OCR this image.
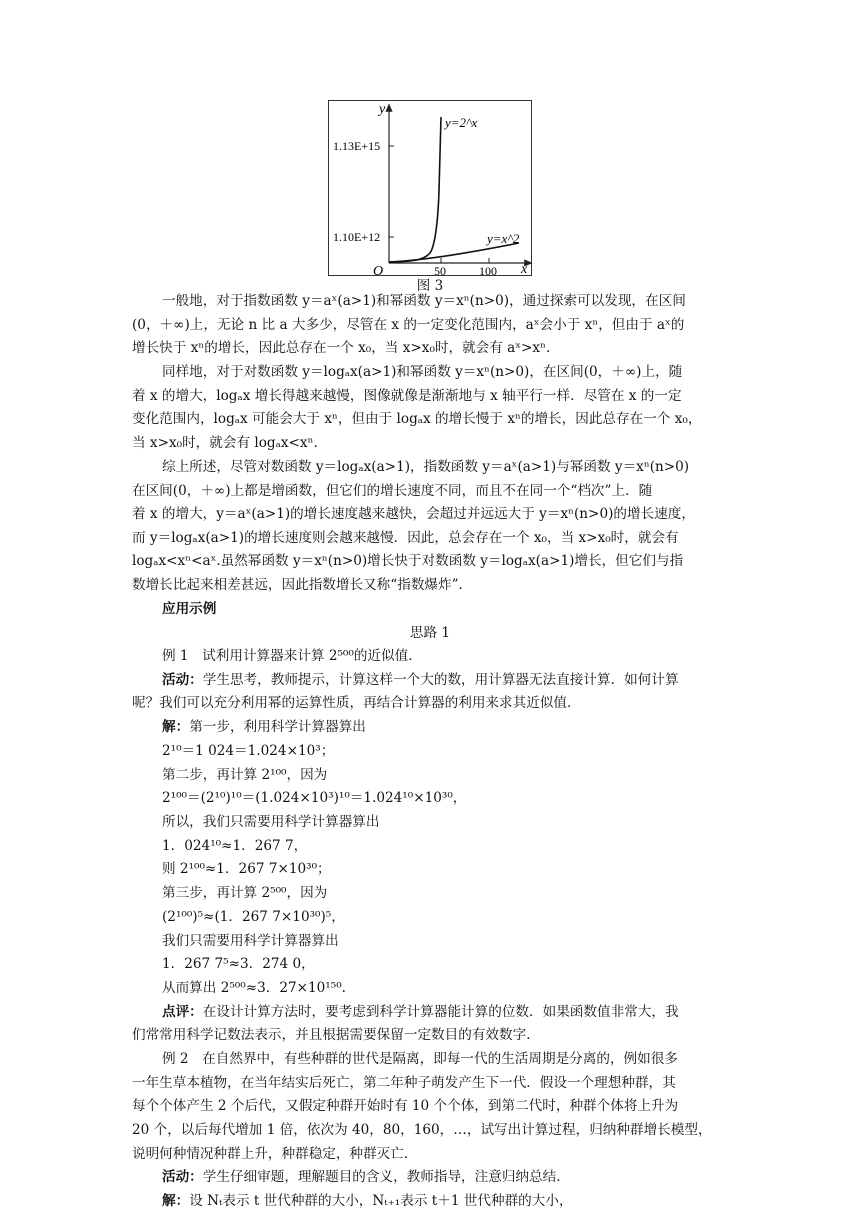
y
x
O
1.13E+15
1.10E+12
50	100
y=2^x
y=x^2
图 3
一般地，对于指数函数 y＝aˣ(a>1)和幂函数 y＝xⁿ(n>0)，通过探索可以发现，在区间
(0，＋∞)上，无论 n 比 a 大多少，尽管在 x 的一定变化范围内，aˣ会小于 xⁿ，但由于 aˣ的
增长快于 xⁿ的增长，因此总存在一个 x₀，当 x>x₀时，就会有 aˣ>xⁿ.
同样地，对于对数函数 y＝logₐx(a>1)和幂函数 y＝xⁿ(n>0)，在区间(0，＋∞)上，随
着 x 的增大，logₐx 增长得越来越慢，图像就像是渐渐地与 x 轴平行一样．尽管在 x 的一定
变化范围内，logₐx 可能会大于 xⁿ，但由于 logₐx 的增长慢于 xⁿ的增长，因此总存在一个 x₀，
当 x>x₀时，就会有 logₐx<xⁿ.
综上所述，尽管对数函数 y＝logₐx(a>1)，指数函数 y＝aˣ(a>1)与幂函数 y＝xⁿ(n>0)
在区间(0，＋∞)上都是增函数，但它们的增长速度不同，而且不在同一个“档次”上．随
着 x 的增大，y＝aˣ(a>1)的增长速度越来越快，会超过并远远大于 y＝xⁿ(n>0)的增长速度，
而 y＝logₐx(a>1)的增长速度则会越来越慢．因此，总会存在一个 x₀，当 x>x₀时，就会有
logₐx<xⁿ<aˣ.虽然幂函数 y＝xⁿ(n>0)增长快于对数函数 y＝logₐx(a>1)增长，但它们与指
数增长比起来相差甚远，因此指数增长又称“指数爆炸”．
应用示例
思路 1
例 1　试利用计算器来计算 2⁵⁰⁰的近似值．
活动：学生思考，教师提示，计算这样一个大的数，用计算器无法直接计算．如何计算
呢？我们可以充分利用幂的运算性质，再结合计算器的利用来求其近似值．
解：第一步，利用科学计算器算出
2¹⁰＝1 024＝1.024×10³；
第二步，再计算 2¹⁰⁰，因为
2¹⁰⁰＝(2¹⁰)¹⁰＝(1.024×10³)¹⁰＝1.024¹⁰×10³⁰，
所以，我们只需要用科学计算器算出
1．024¹⁰≈1．267 7，
则 2¹⁰⁰≈1．267 7×10³⁰；
第三步，再计算 2⁵⁰⁰，因为
(2¹⁰⁰)⁵≈(1．267 7×10³⁰)⁵，
我们只需要用科学计算器算出
1．267 7⁵≈3．274 0，
从而算出 2⁵⁰⁰≈3．27×10¹⁵⁰.
点评：在设计计算方法时，要考虑到科学计算器能计算的位数．如果函数值非常大，我
们常常用科学记数法表示，并且根据需要保留一定数目的有效数字．
例 2　在自然界中，有些种群的世代是隔离，即每一代的生活周期是分离的，例如很多
一年生草本植物，在当年结实后死亡，第二年种子萌发产生下一代．假设一个理想种群，其
每个个体产生 2 个后代，又假定种群开始时有 10 个个体，到第二代时，种群个体将上升为
20 个，以后每代增加 1 倍，依次为 40，80，160，…，试写出计算过程，归纳种群增长模型，
说明何种情况种群上升，种群稳定，种群灭亡．
活动：学生仔细审题，理解题目的含义，教师指导，注意归纳总结．
解：设 Nₜ表示 t 世代种群的大小，Nₜ₊₁表示 t＋1 世代种群的大小，
